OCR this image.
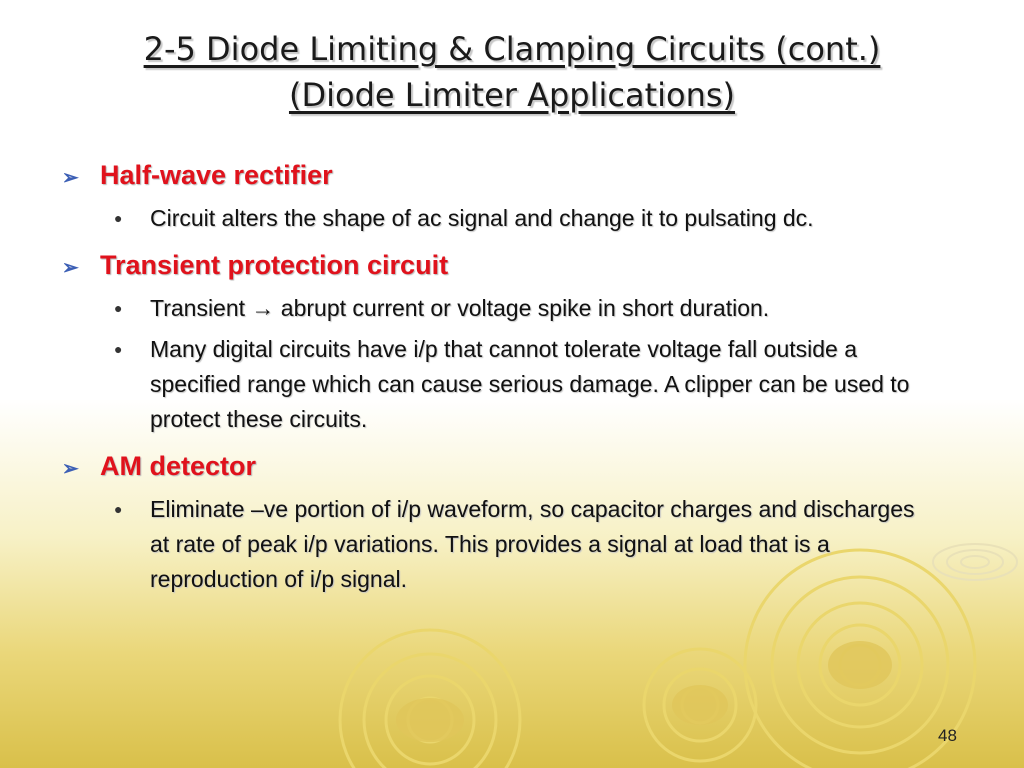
2-5 Diode Limiting & Clamping Circuits (cont.)
(Diode Limiter Applications)
➢ Half-wave rectifier
●	Circuit alters the shape of ac signal and change it to pulsating dc.
➢ Transient protection circuit
●	Transient → abrupt current or voltage spike in short duration.
●	Many digital circuits have i/p that cannot tolerate voltage fall outside a specified range which can cause serious damage. A clipper can be used to protect these circuits.
➢ AM detector
●	Eliminate –ve portion of i/p waveform, so capacitor charges and discharges at rate of peak i/p variations. This provides a signal at load that is a reproduction of i/p signal.
48
